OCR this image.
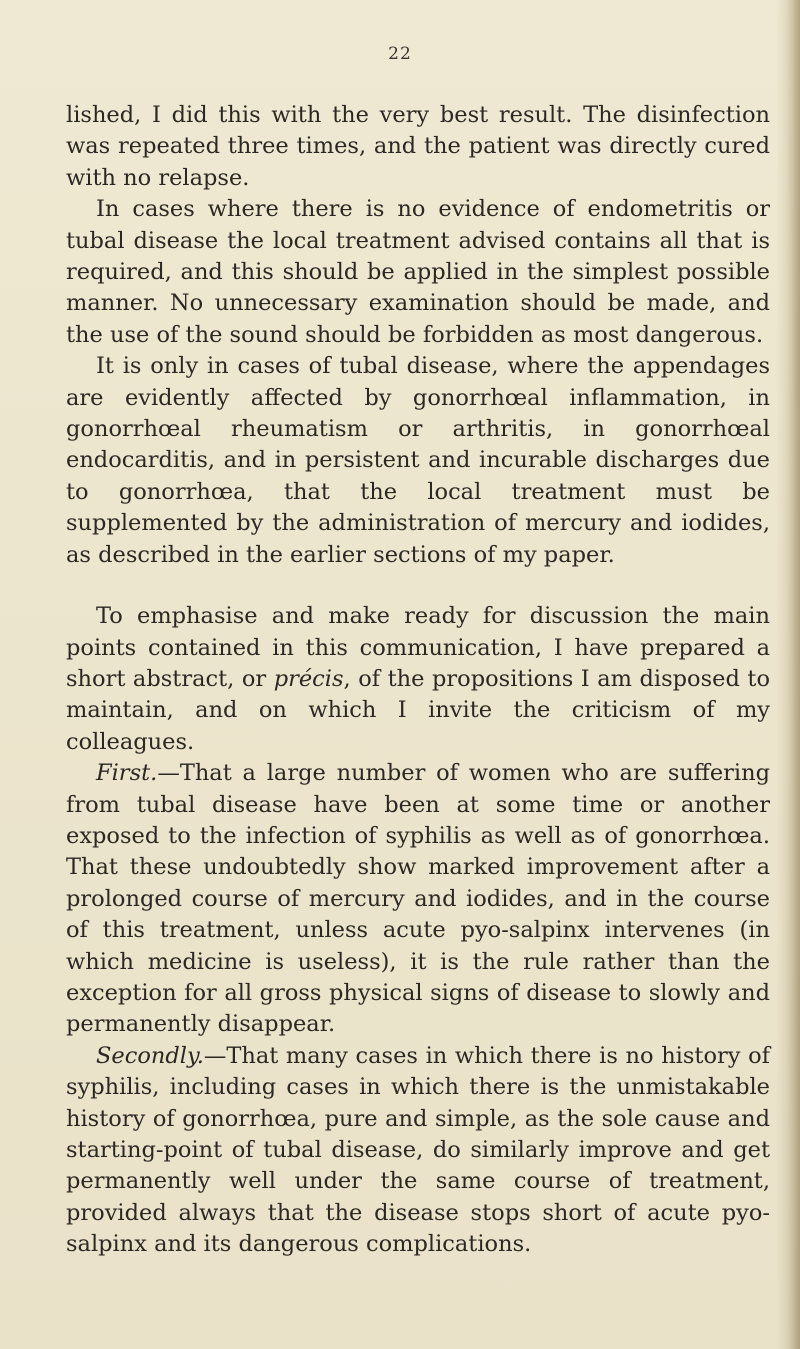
22

lished, I did this with the very best result. The disinfection was repeated three times, and the patient was directly cured with no relapse.

In cases where there is no evidence of endometritis or tubal disease the local treatment advised contains all that is required, and this should be applied in the simplest possible manner. No unnecessary examination should be made, and the use of the sound should be forbidden as most dangerous.

It is only in cases of tubal disease, where the appendages are evidently affected by gonorrhœal inflammation, in gonorrhœal rheumatism or arthritis, in gonorrhœal endocarditis, and in persistent and incurable discharges due to gonorrhœa, that the local treatment must be supplemented by the administration of mercury and iodides, as described in the earlier sections of my paper.

To emphasise and make ready for discussion the main points contained in this communication, I have prepared a short abstract, or précis, of the propositions I am disposed to maintain, and on which I invite the criticism of my colleagues.

First.—That a large number of women who are suffering from tubal disease have been at some time or another exposed to the infection of syphilis as well as of gonorrhœa. That these undoubtedly show marked improvement after a prolonged course of mercury and iodides, and in the course of this treatment, unless acute pyo-salpinx intervenes (in which medicine is useless), it is the rule rather than the exception for all gross physical signs of disease to slowly and permanently disappear.

Secondly.—That many cases in which there is no history of syphilis, including cases in which there is the unmistakable history of gonorrhœa, pure and simple, as the sole cause and starting-point of tubal disease, do similarly improve and get permanently well under the same course of treatment, provided always that the disease stops short of acute pyo-salpinx and its dangerous complications.
